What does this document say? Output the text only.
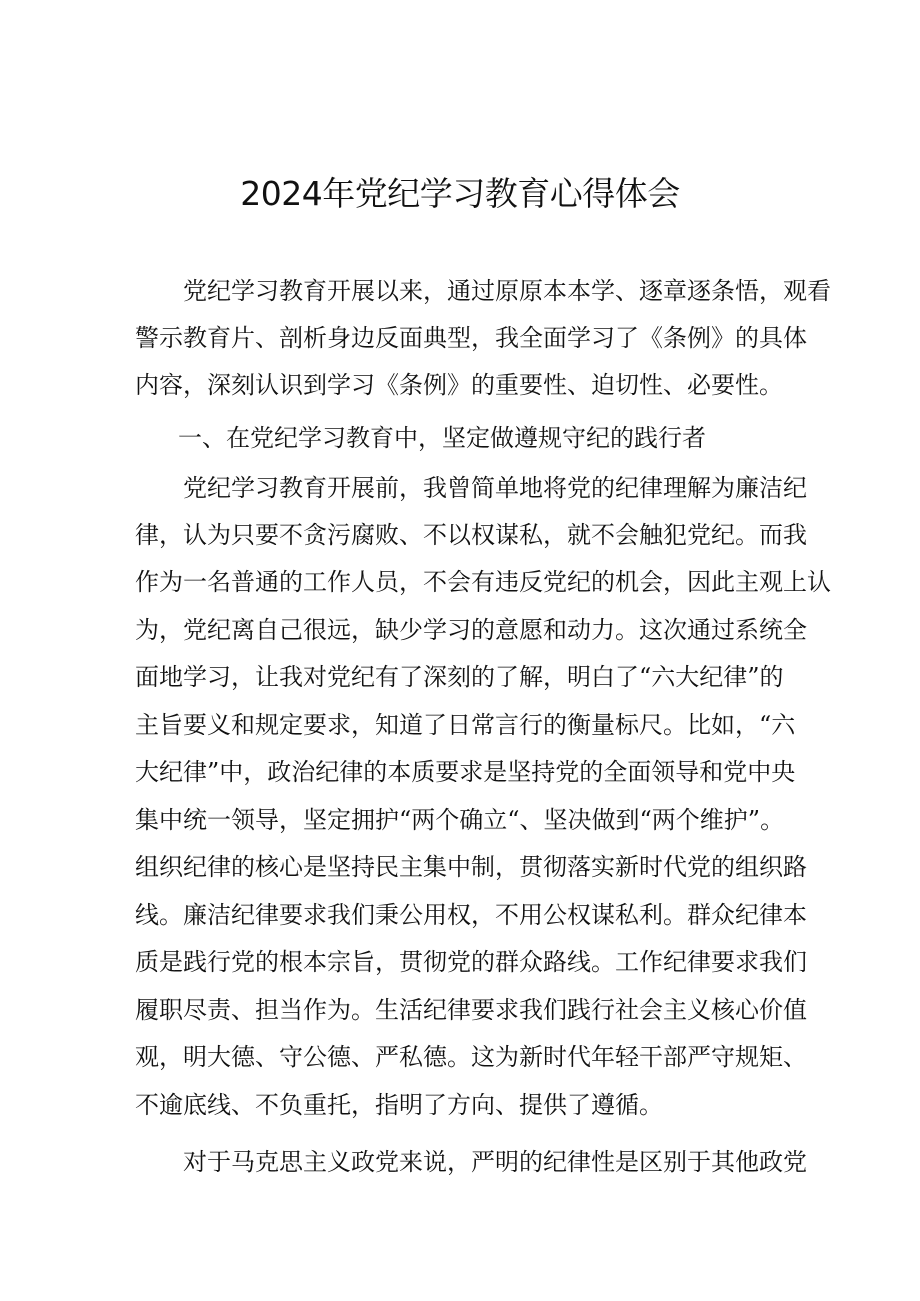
2024年党纪学习教育心得体会
党纪学习教育开展以来，通过原原本本学、逐章逐条悟，观看
警示教育片、剖析身边反面典型，我全面学习了《条例》的具体
内容，深刻认识到学习《条例》的重要性、迫切性、必要性。
一、在党纪学习教育中，坚定做遵规守纪的践行者
党纪学习教育开展前，我曾简单地将党的纪律理解为廉洁纪
律，认为只要不贪污腐败、不以权谋私，就不会触犯党纪。而我
作为一名普通的工作人员，不会有违反党纪的机会，因此主观上认
为，党纪离自己很远，缺少学习的意愿和动力。这次通过系统全
面地学习，让我对党纪有了深刻的了解，明白了“六大纪律”的
主旨要义和规定要求，知道了日常言行的衡量标尺。比如，“六
大纪律”中，政治纪律的本质要求是坚持党的全面领导和党中央
集中统一领导，坚定拥护“两个确立“、坚决做到“两个维护”。
组织纪律的核心是坚持民主集中制，贯彻落实新时代党的组织路
线。廉洁纪律要求我们秉公用权，不用公权谋私利。群众纪律本
质是践行党的根本宗旨，贯彻党的群众路线。工作纪律要求我们
履职尽责、担当作为。生活纪律要求我们践行社会主义核心价值
观，明大德、守公德、严私德。这为新时代年轻干部严守规矩、
不逾底线、不负重托，指明了方向、提供了遵循。
对于马克思主义政党来说，严明的纪律性是区别于其他政党
